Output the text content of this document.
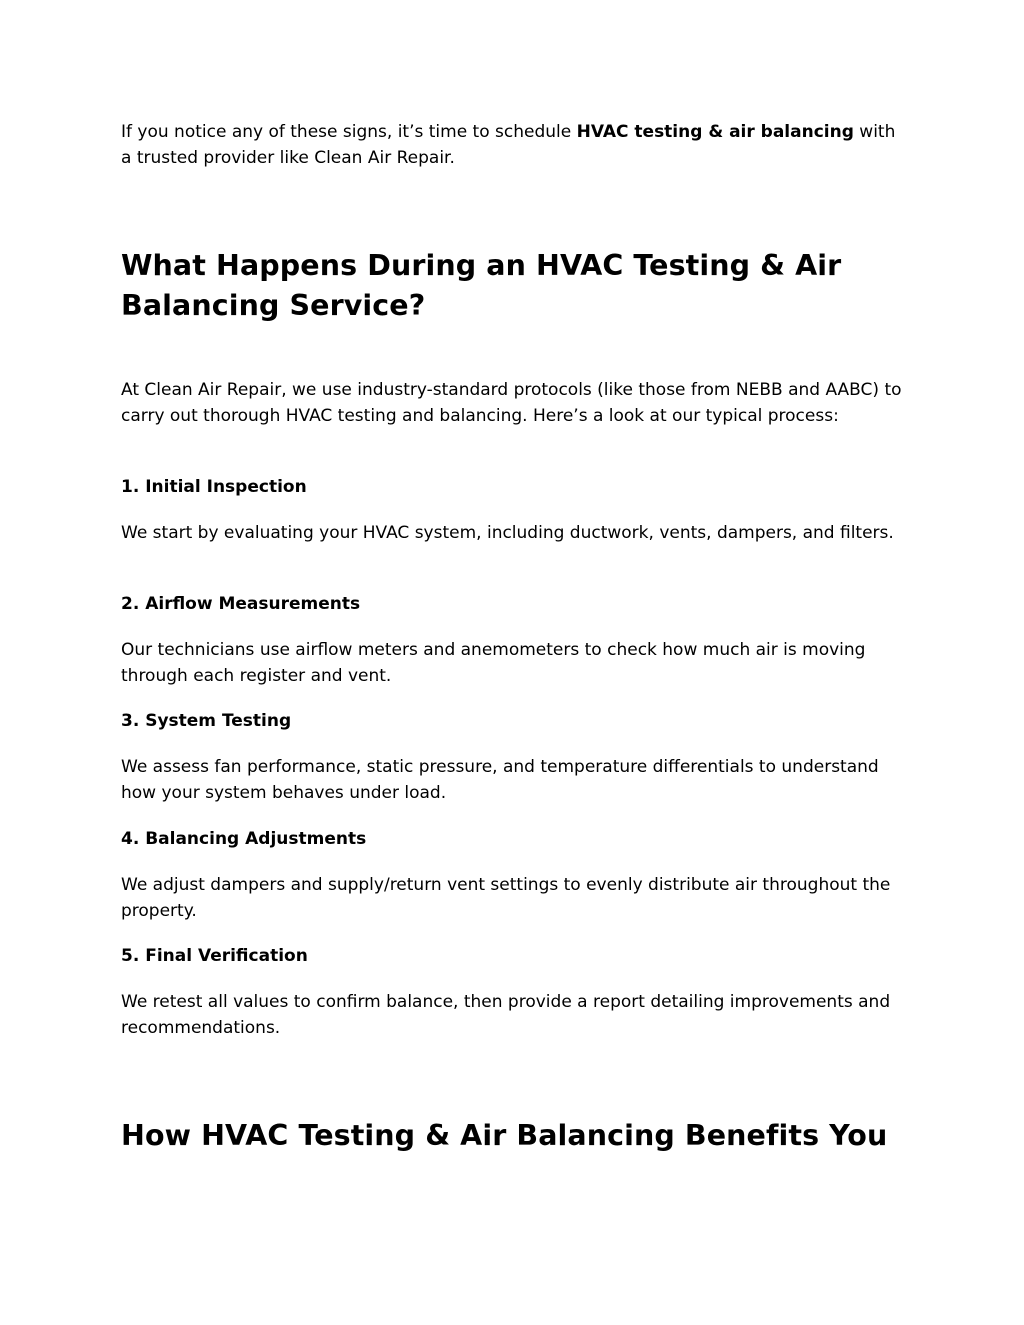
If you notice any of these signs, it’s time to schedule HVAC testing & air balancing with a trusted provider like Clean Air Repair.

What Happens During an HVAC Testing & Air Balancing Service?

At Clean Air Repair, we use industry-standard protocols (like those from NEBB and AABC) to carry out thorough HVAC testing and balancing. Here’s a look at our typical process:

1. Initial Inspection

We start by evaluating your HVAC system, including ductwork, vents, dampers, and filters.

2. Airflow Measurements

Our technicians use airflow meters and anemometers to check how much air is moving through each register and vent.

3. System Testing

We assess fan performance, static pressure, and temperature differentials to understand how your system behaves under load.

4. Balancing Adjustments

We adjust dampers and supply/return vent settings to evenly distribute air throughout the property.

5. Final Verification

We retest all values to confirm balance, then provide a report detailing improvements and recommendations.

How HVAC Testing & Air Balancing Benefits You
